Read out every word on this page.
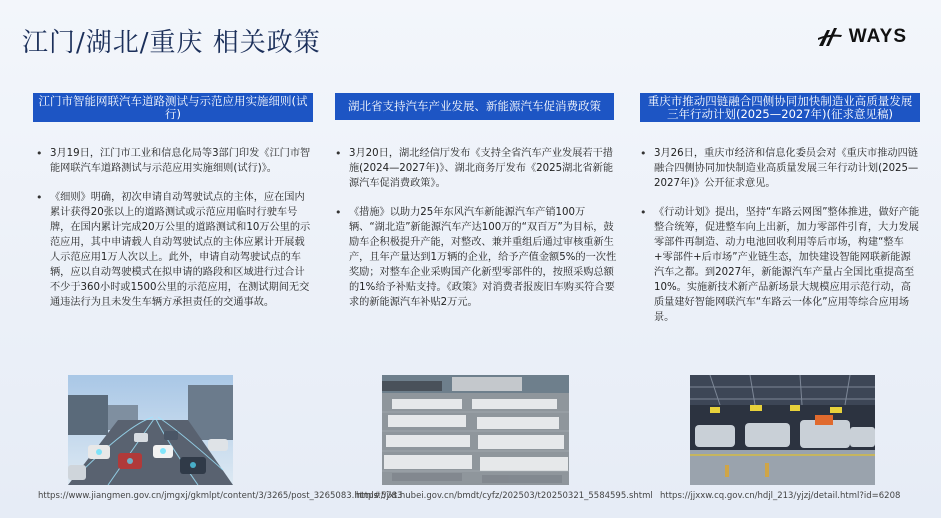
江门/湖北/重庆 相关政策	WAYS
江门市智能网联汽车道路测试与示范应用实施细则(试行)
• 3月19日，江门市工业和信息化局等3部门印发《江门市智能网联汽车道路测试与示范应用实施细则(试行)》。
• 《细则》明确，初次申请自动驾驶试点的主体，应在国内累计获得20张以上的道路测试或示范应用临时行驶车号牌，在国内累计完成20万公里的道路测试和10万公里的示范应用，其中申请载人自动驾驶试点的主体应累计开展载人示范应用1万人次以上。此外，申请自动驾驶试点的车辆，应以自动驾驶模式在拟申请的路段和区域进行过合计不少于360小时或1500公里的示范应用，在测试期间无交通违法行为且未发生车辆方承担责任的交通事故。
湖北省支持汽车产业发展、新能源汽车促消费政策
• 3月20日，湖北经信厅发布《支持全省汽车产业发展若干措施(2024—2027年)》、湖北商务厅发布《2025湖北省新能源汽车促消费政策》。
• 《措施》以助力25年东风汽车新能源汽车产销100万辆、“湖北造”新能源汽车产达100万的“双百万”为目标，鼓励车企积极提升产能，对整改、兼并重组后通过审核重新生产，且年产量达到1万辆的企业，给予产值金额5%的一次性奖励；对整车企业采购国产化新型零部件的，按照采购总额的1%给予补贴支持。《政策》对消费者报废旧车购买符合要求的新能源汽车补贴2万元。
重庆市推动四链融合四侧协同加快制造业高质量发展三年行动计划(2025—2027年)(征求意见稿)
• 3月26日，重庆市经济和信息化委员会对《重庆市推动四链融合四侧协同加快制造业高质量发展三年行动计划(2025—2027年)》公开征求意见。
• 《行动计划》提出，坚持“车路云网图”整体推进，做好产能整合统筹，促进整车向上出新，加力零部件引育，大力发展零部件再制造、动力电池回收利用等后市场，构建“整车+零部件+后市场”产业链生态，加快建设智能网联新能源汽车之都。到2027年，新能源汽车产量占全国比重提高至10%。实施新技术新产品新场景大规模应用示范行动，高质量建好智能网联汽车“车路云一体化”应用等综合应用场景。
https://www.jiangmen.gov.cn/jmgxj/gkmlpt/content/3/3265/post_3265083.html#5783
https://jxt.hubei.gov.cn/bmdt/cyfz/202503/t20250321_5584595.shtml https://jjxxw.cq.gov.cn/hdjl_213/yjzj/detail.html?id=6208
